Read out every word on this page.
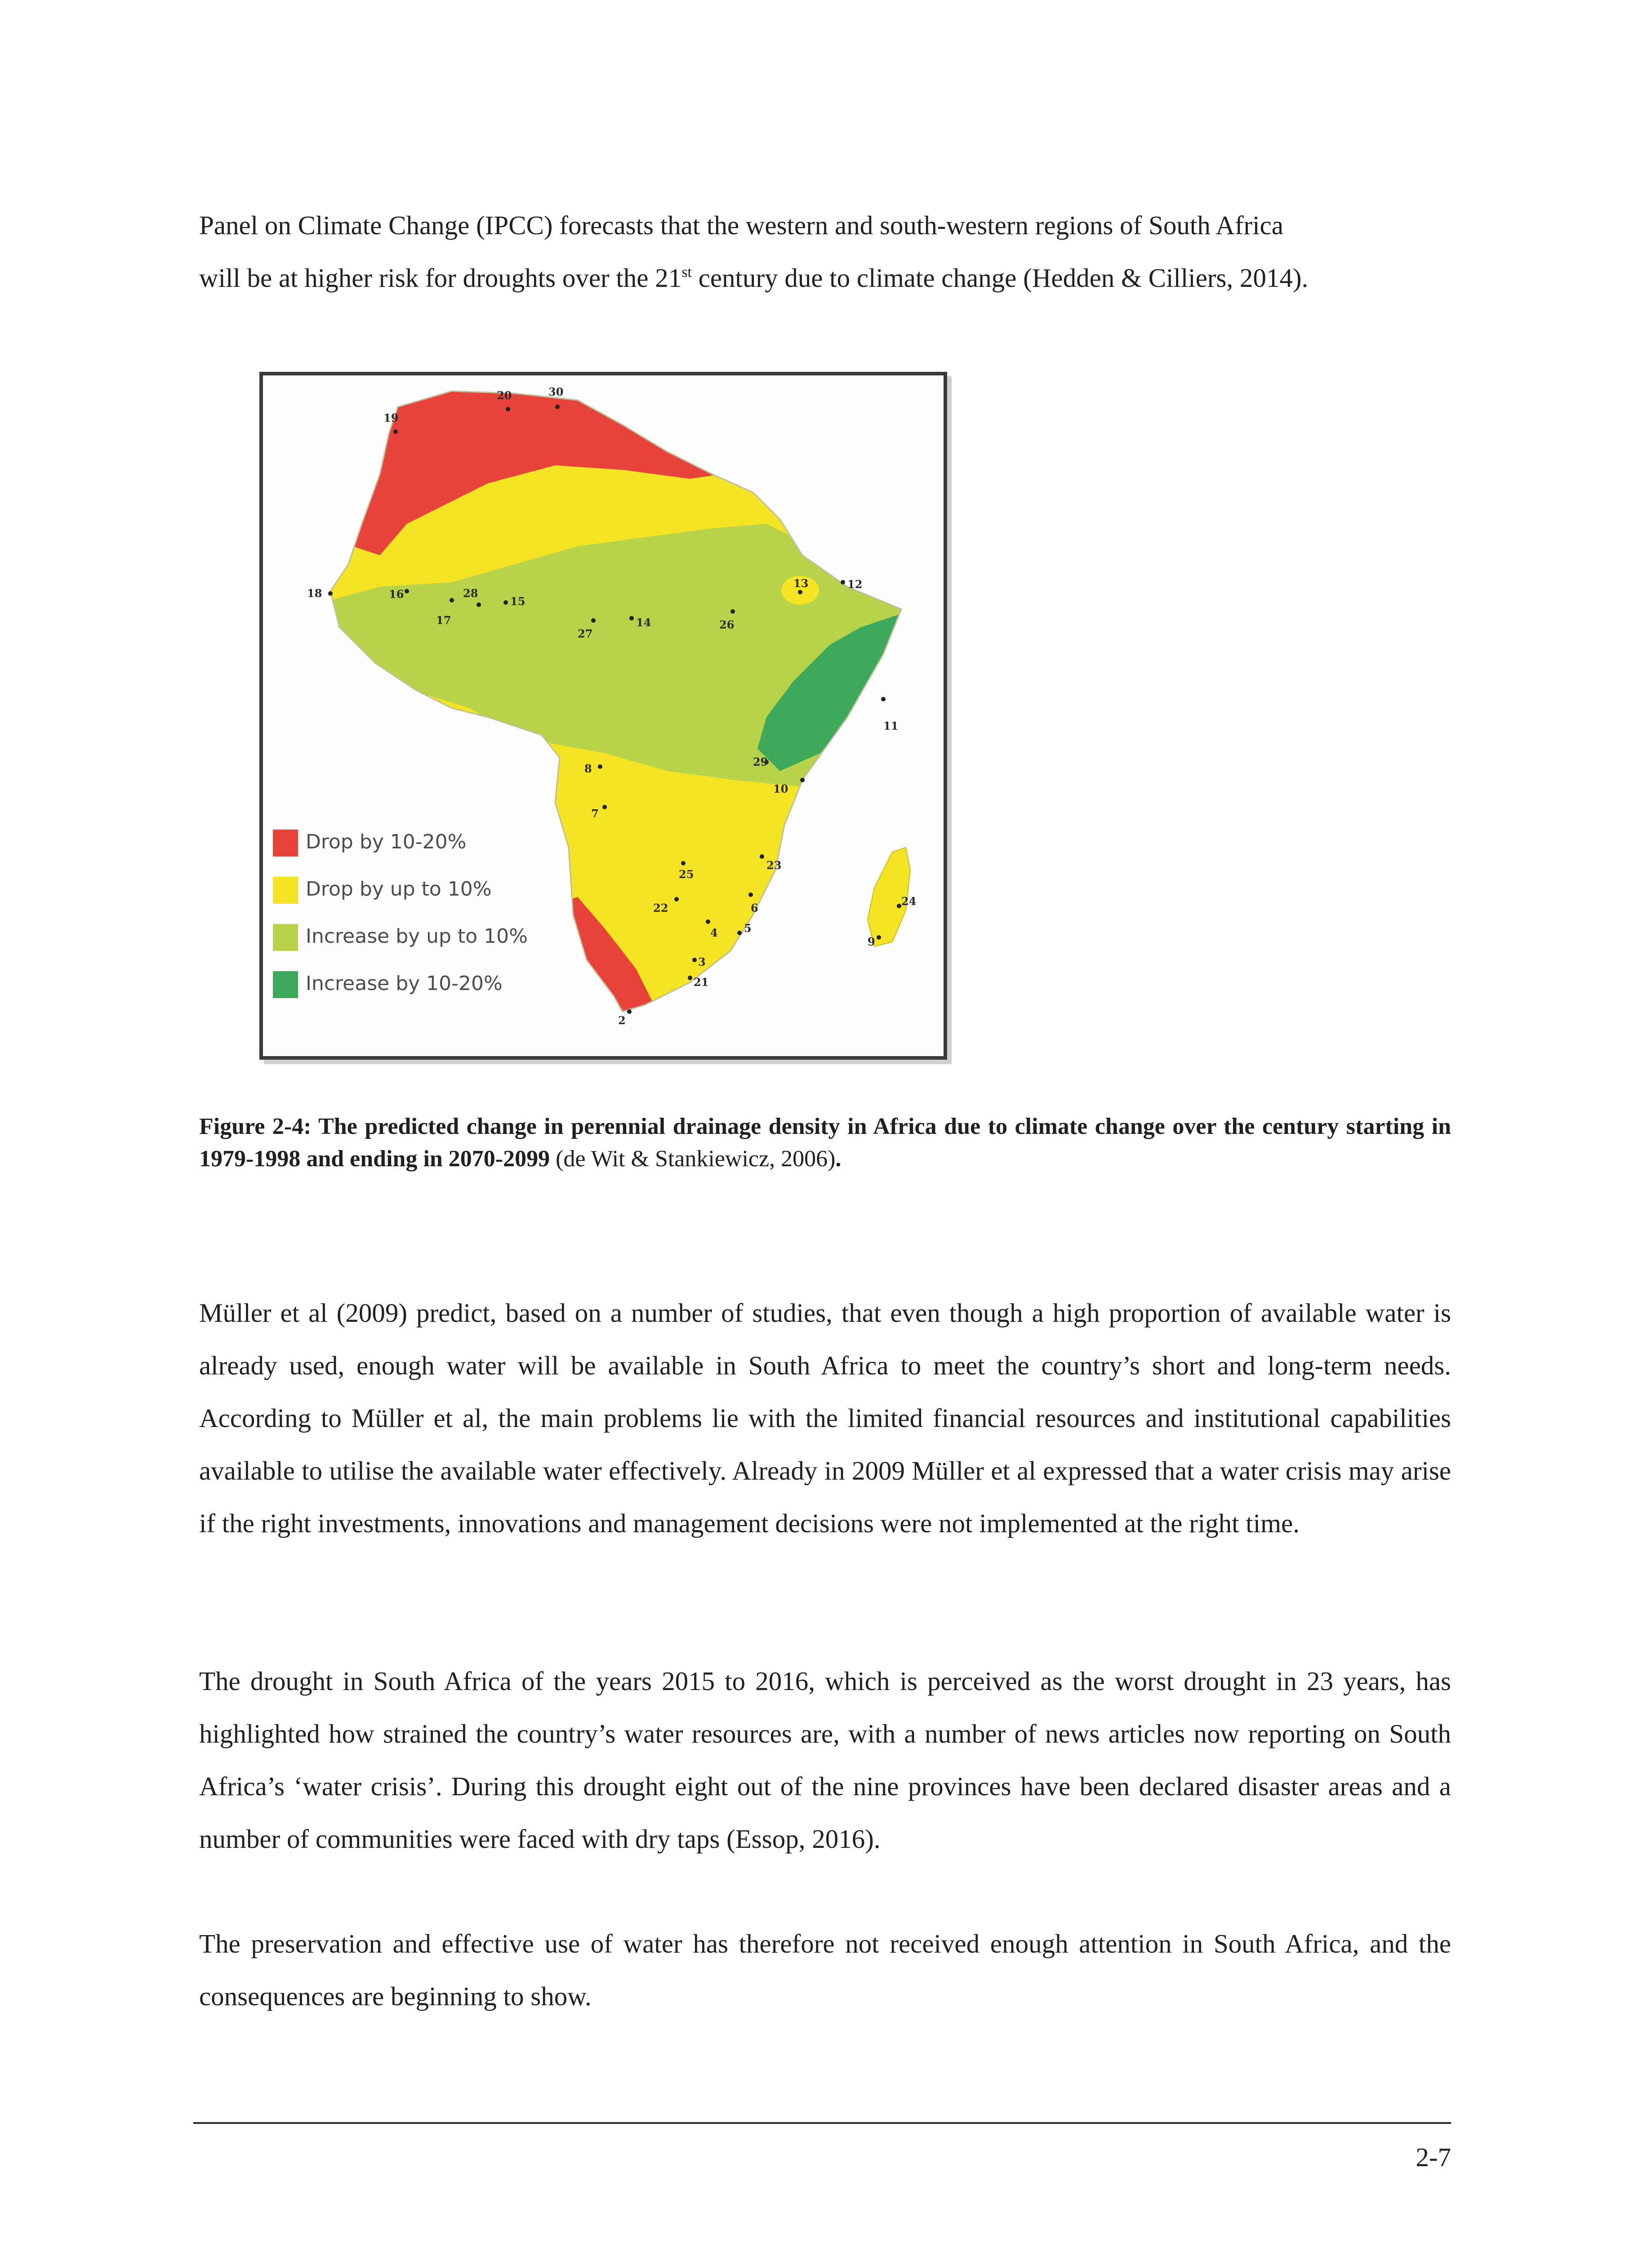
Panel on Climate Change (IPCC) forecasts that the western and south-western regions of South Africa

will be at higher risk for droughts over the 21st century due to climate change (Hedden & Cilliers, 2014).

20	30
19
18	16
17
28
15
27
14	26
13	12
11
29
10
8
7
25
23
22	6
5
4
24
9
3
21
2
Drop by 10-20%
Drop by up to 10%
Increase by up to 10%
Increase by 10-20%

Figure 2-4: The predicted change in perennial drainage density in Africa due to climate change over the century starting in 1979-1998 and ending in 2070-2099 (de Wit & Stankiewicz, 2006).

Müller et al (2009) predict, based on a number of studies, that even though a high proportion of available water is already used, enough water will be available in South Africa to meet the country’s short and long-term needs. According to Müller et al, the main problems lie with the limited financial resources and institutional capabilities available to utilise the available water effectively. Already in 2009 Müller et al expressed that a water crisis may arise if the right investments, innovations and management decisions were not implemented at the right time.

The drought in South Africa of the years 2015 to 2016, which is perceived as the worst drought in 23 years, has highlighted how strained the country’s water resources are, with a number of news articles now reporting on South Africa’s ‘water crisis’. During this drought eight out of the nine provinces have been declared disaster areas and a number of communities were faced with dry taps (Essop, 2016).

The preservation and effective use of water has therefore not received enough attention in South Africa, and the consequences are beginning to show.

2-7
